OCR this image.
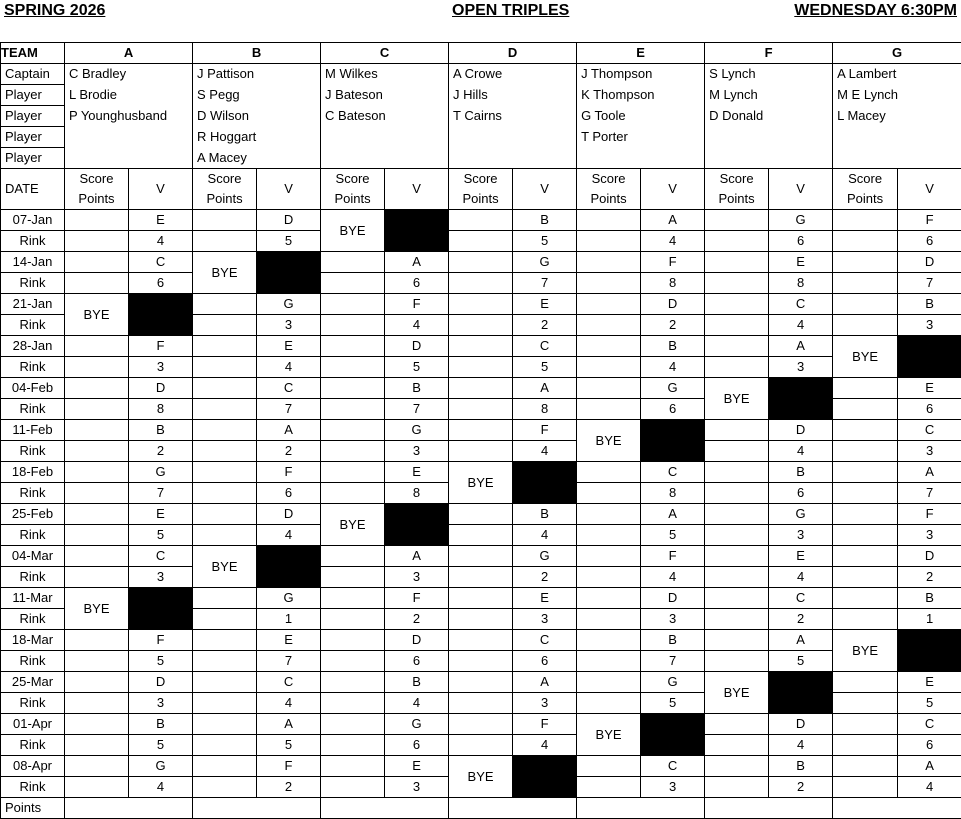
SPRING 2026	OPEN TRIPLES	WEDNESDAY 6:30PM
TEAM	A		B		C		D		E		F		G	
Captain	C Bradley		J Pattison		M Wilkes		A Crowe		J Thompson		S Lynch		A Lambert	
Player	L Brodie		S Pegg		J Bateson		J Hills		K Thompson		M Lynch		M E Lynch	
Player	P Younghusband		D Wilson		C Bateson		T Cairns		G Toole		D Donald		L Macey	
Player			R Hoggart						T Porter					
Player			A Macey											
DATE	Score Points	V	Score Points	V	Score Points	V	Score Points	V	Score Points	V	Score Points	V	Score Points	V
07-Jan		E		D	BYE			B		A		G		F
Rink		4		5				5		4		6		6
14-Jan		C	BYE			A		G		F		E		D
Rink		6				6		7		8		8		7
21-Jan	BYE			G		F		E		D		C		B
Rink				3		4		2		2		4		3
28-Jan		F		E		D		C		B		A	BYE	
Rink		3		4		5		5		4		3		
04-Feb		D		C		B		A		G	BYE			E
Rink		8		7		7		8		6				6
11-Feb		B		A		G		F	BYE			D		C
Rink		2		2		3		4				4		3
18-Feb		G		F		E	BYE			C		B		A
Rink		7		6		8				8		6		7
25-Feb		E		D	BYE			B		A		G		F
Rink		5		4				4		5		3		3
04-Mar		C	BYE			A		G		F		E		D
Rink		3				3		2		4		4		2
11-Mar	BYE			G		F		E		D		C		B
Rink				1		2		3		3		2		1
18-Mar		F		E		D		C		B		A	BYE	
Rink		5		7		6		6		7		5		
25-Mar		D		C		B		A		G	BYE			E
Rink		3		4		4		3		5				5
01-Apr		B		A		G		F	BYE			D		C
Rink		5		5		6		4				4		6
08-Apr		G		F		E	BYE			C		B		A
Rink		4		2		3				3		2		4
Points														
